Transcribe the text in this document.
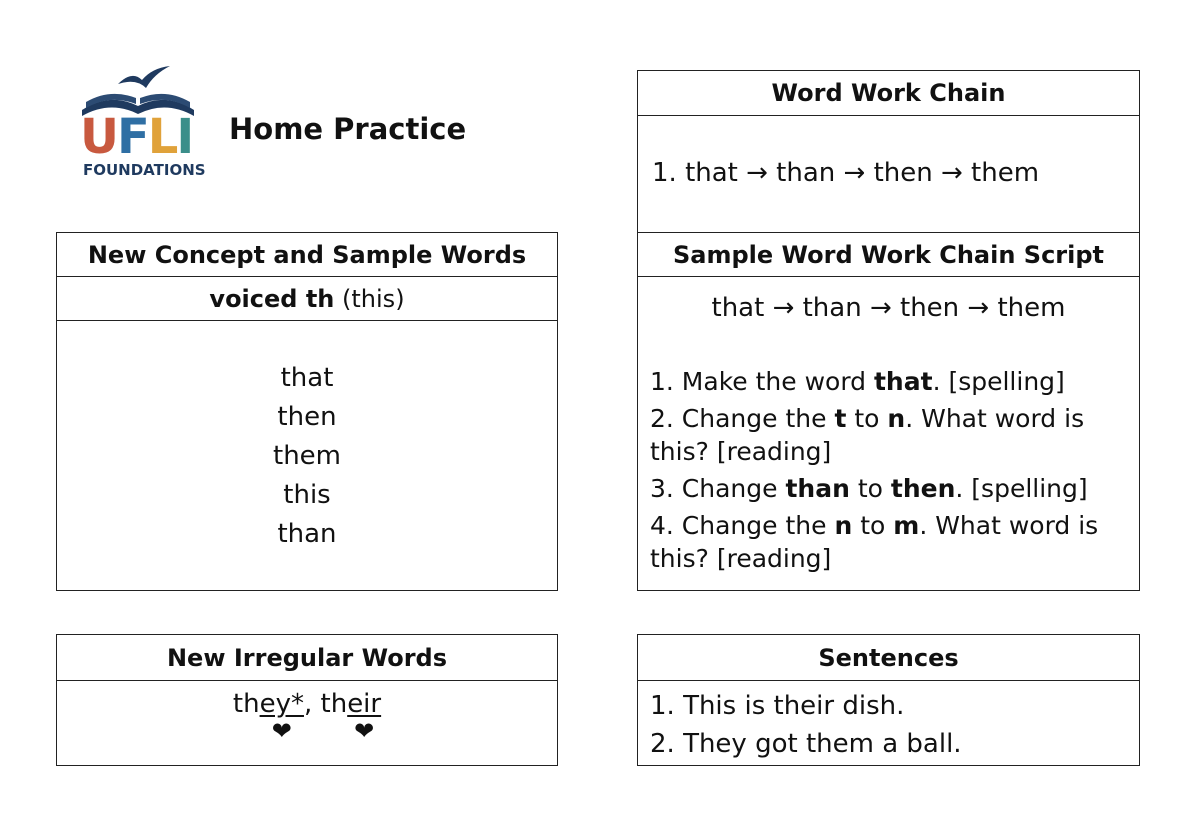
UFLI
FOUNDATIONS
Home Practice
New Concept and Sample Words
voiced th
(this)
that
then
them
this
than
New Irregular Words
they*
❤
, their
❤
Word Work Chain
1. that → than → then → them
Sample Word Work Chain Script
that → than → then → them
1. Make the word that. [spelling]
2. Change the t to n. What word is this? [reading]
3. Change than to then. [spelling]
4. Change the n to m. What word is this? [reading]
Sentences
1. This is their dish.
2. They got them a ball.
